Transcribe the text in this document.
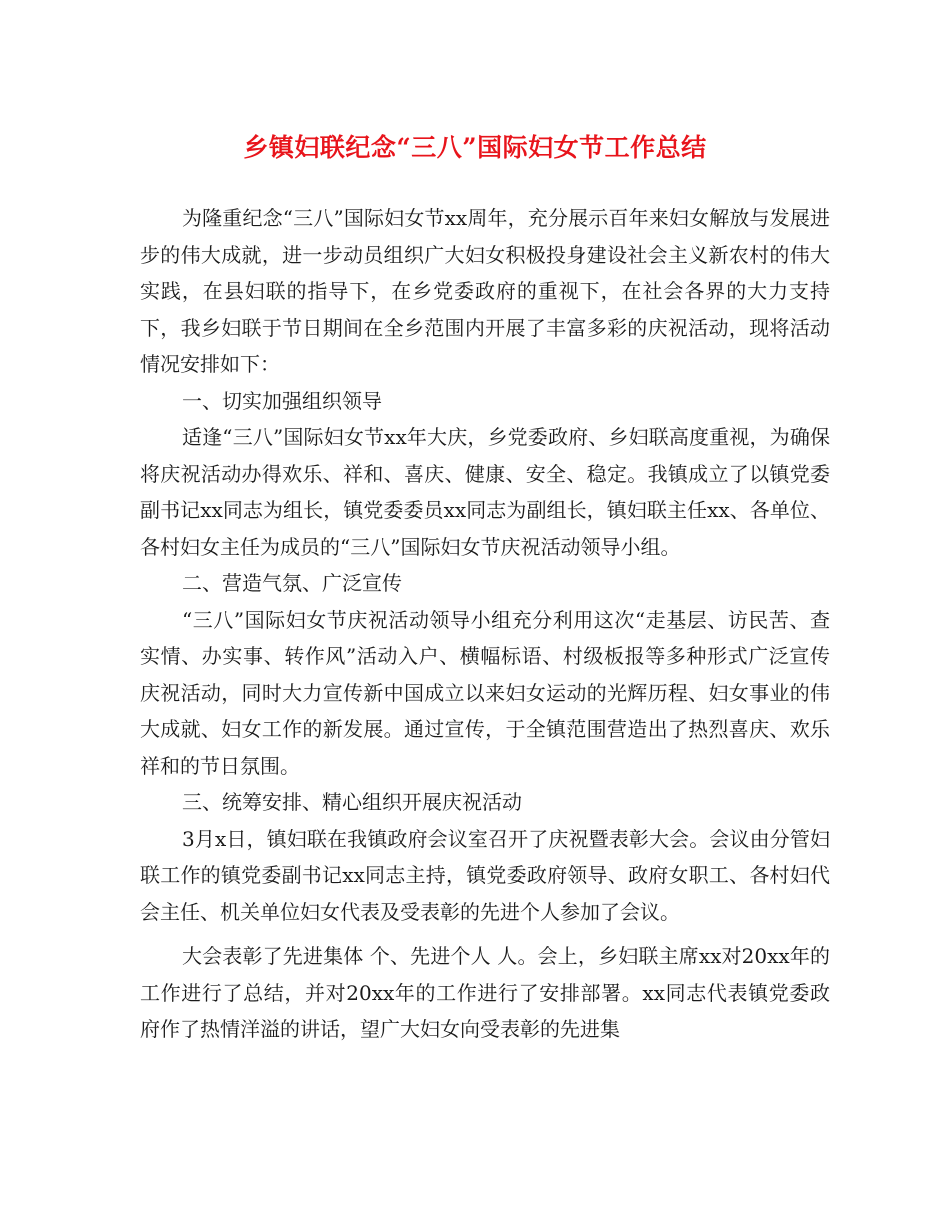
乡镇妇联纪念“三八”国际妇女节工作总结

为隆重纪念“三八”国际妇女节xx周年，充分展示百年来妇女解放与发展进步的伟大成就，进一步动员组织广大妇女积极投身建设社会主义新农村的伟大实践，在县妇联的指导下，在乡党委政府的重视下，在社会各界的大力支持下，我乡妇联于节日期间在全乡范围内开展了丰富多彩的庆祝活动，现将活动情况安排如下：

一、切实加强组织领导

适逢“三八”国际妇女节xx年大庆，乡党委政府、乡妇联高度重视，为确保将庆祝活动办得欢乐、祥和、喜庆、健康、安全、稳定。我镇成立了以镇党委副书记xx同志为组长，镇党委委员xx同志为副组长，镇妇联主任xx、各单位、各村妇女主任为成员的“三八”国际妇女节庆祝活动领导小组。

二、营造气氛、广泛宣传

“三八”国际妇女节庆祝活动领导小组充分利用这次“走基层、访民苦、查实情、办实事、转作风”活动入户、横幅标语、村级板报等多种形式广泛宣传庆祝活动，同时大力宣传新中国成立以来妇女运动的光辉历程、妇女事业的伟大成就、妇女工作的新发展。通过宣传，于全镇范围营造出了热烈喜庆、欢乐祥和的节日氛围。

三、统筹安排、精心组织开展庆祝活动

3月x日，镇妇联在我镇政府会议室召开了庆祝暨表彰大会。会议由分管妇联工作的镇党委副书记xx同志主持，镇党委政府领导、政府女职工、各村妇代会主任、机关单位妇女代表及受表彰的先进个人参加了会议。

大会表彰了先进集体 个、先进个人 人。会上，乡妇联主席xx对20xx年的工作进行了总结，并对20xx年的工作进行了安排部署。xx同志代表镇党委政府作了热情洋溢的讲话，望广大妇女向受表彰的先进集
